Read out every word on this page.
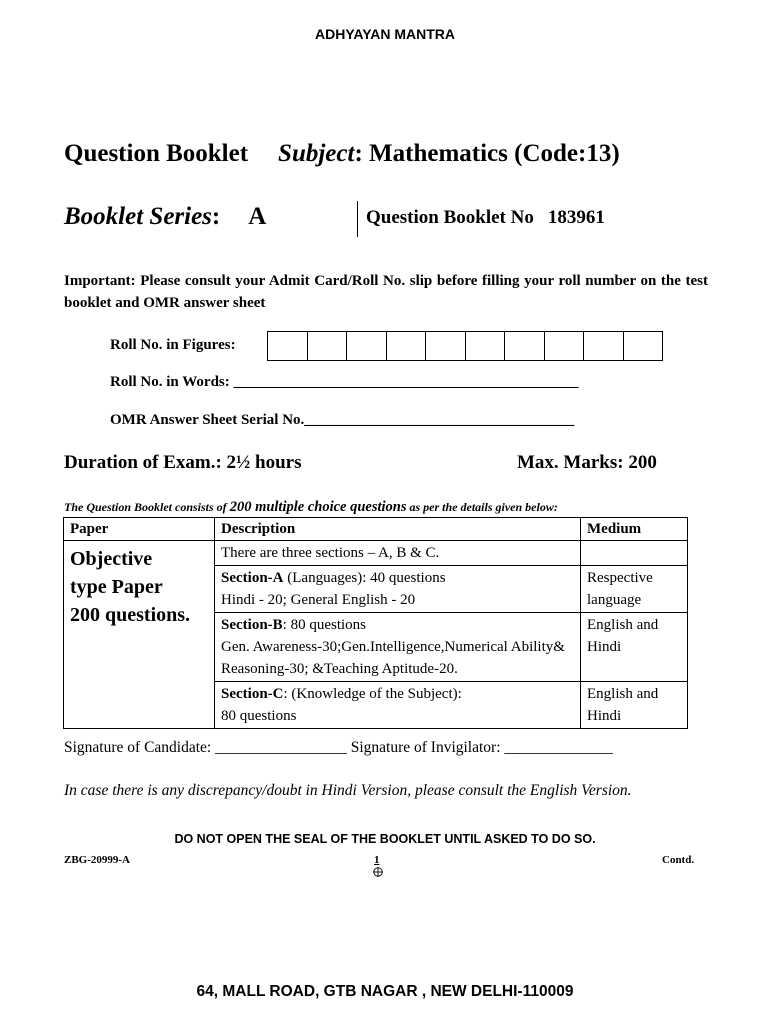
ADHYAYAN MANTRA
Question Booklet Subject: Mathematics (Code:13)
Booklet Series: A	Question Booklet No 183961
Important: Please consult your Admit Card/Roll No. slip before filling your roll number on the test booklet and OMR answer sheet
Roll No. in Figures:
Roll No. in Words: ______________________________________________
OMR Answer Sheet Serial No.____________________________________
Duration of Exam.: 2½ hours	Max. Marks: 200
The Question Booklet consists of 200 multiple choice questions as per the details given below:
Paper	Description	Medium

Objective
type Paper
200 questions.	There are three sections – A, B & C.	
	Section-A (Languages): 40 questions
Hindi - 20; General English - 20	Respective language
	Section-B: 80 questions
Gen. Awareness-30;Gen.Intelligence,Numerical Ability& Reasoning-30; &Teaching Aptitude-20.	English and Hindi
	Section-C: (Knowledge of the Subject):
80 questions	English and Hindi
Signature of Candidate: _________________ Signature of Invigilator: ______________
In case there is any discrepancy/doubt in Hindi Version, please consult the English Version.
DO NOT OPEN THE SEAL OF THE BOOKLET UNTIL ASKED TO DO SO.
ZBG-20999-A	1	Contd.
64, MALL ROAD, GTB NAGAR , NEW DELHI-110009
